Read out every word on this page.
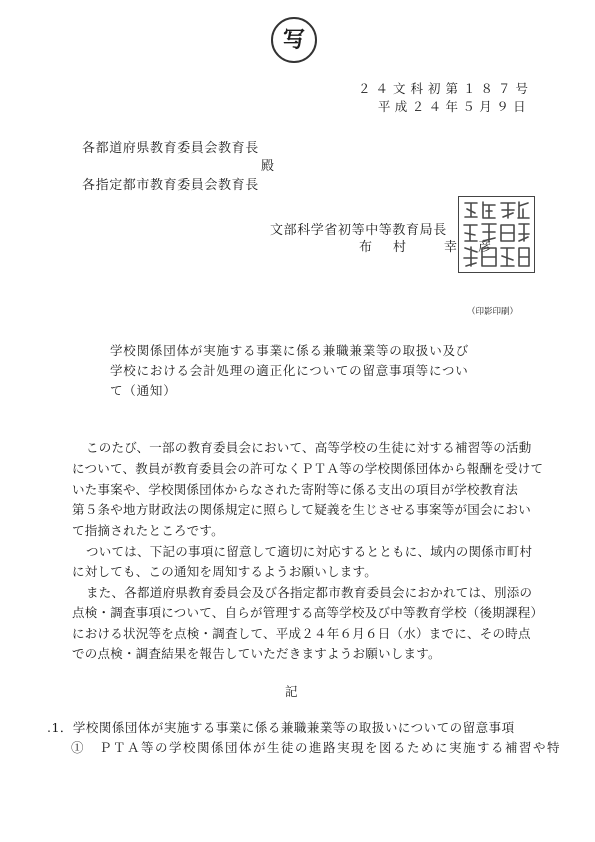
写
２４文科初第１８７号
平成２４年５月９日
各都道府県教育委員会教育長
殿
各指定都市教育委員会教育長
文部科学省初等中等教育局長
布　村　　幸　彦
（印影印刷）
学校関係団体が実施する事業に係る兼職兼業等の取扱い及び
学校における会計処理の適正化についての留意事項等につい
て（通知）
このたび、一部の教育委員会において、高等学校の生徒に対する補習等の活動
について、教員が教育委員会の許可なくＰＴＡ等の学校関係団体から報酬を受けて
いた事案や、学校関係団体からなされた寄附等に係る支出の項目が学校教育法
第５条や地方財政法の関係規定に照らして疑義を生じさせる事案等が国会におい
て指摘されたところです。
ついては、下記の事項に留意して適切に対応するとともに、域内の関係市町村
に対しても、この通知を周知するようお願いします。
また、各都道府県教育委員会及び各指定都市教育委員会におかれては、別添の
点検・調査事項について、自らが管理する高等学校及び中等教育学校（後期課程）
における状況等を点検・調査して、平成２４年６月６日（水）までに、その時点
での点検・調査結果を報告していただきますようお願いします。
記
.1．学校関係団体が実施する事業に係る兼職兼業等の取扱いについての留意事項
①　ＰＴＡ等の学校関係団体が生徒の進路実現を図るために実施する補習や特
